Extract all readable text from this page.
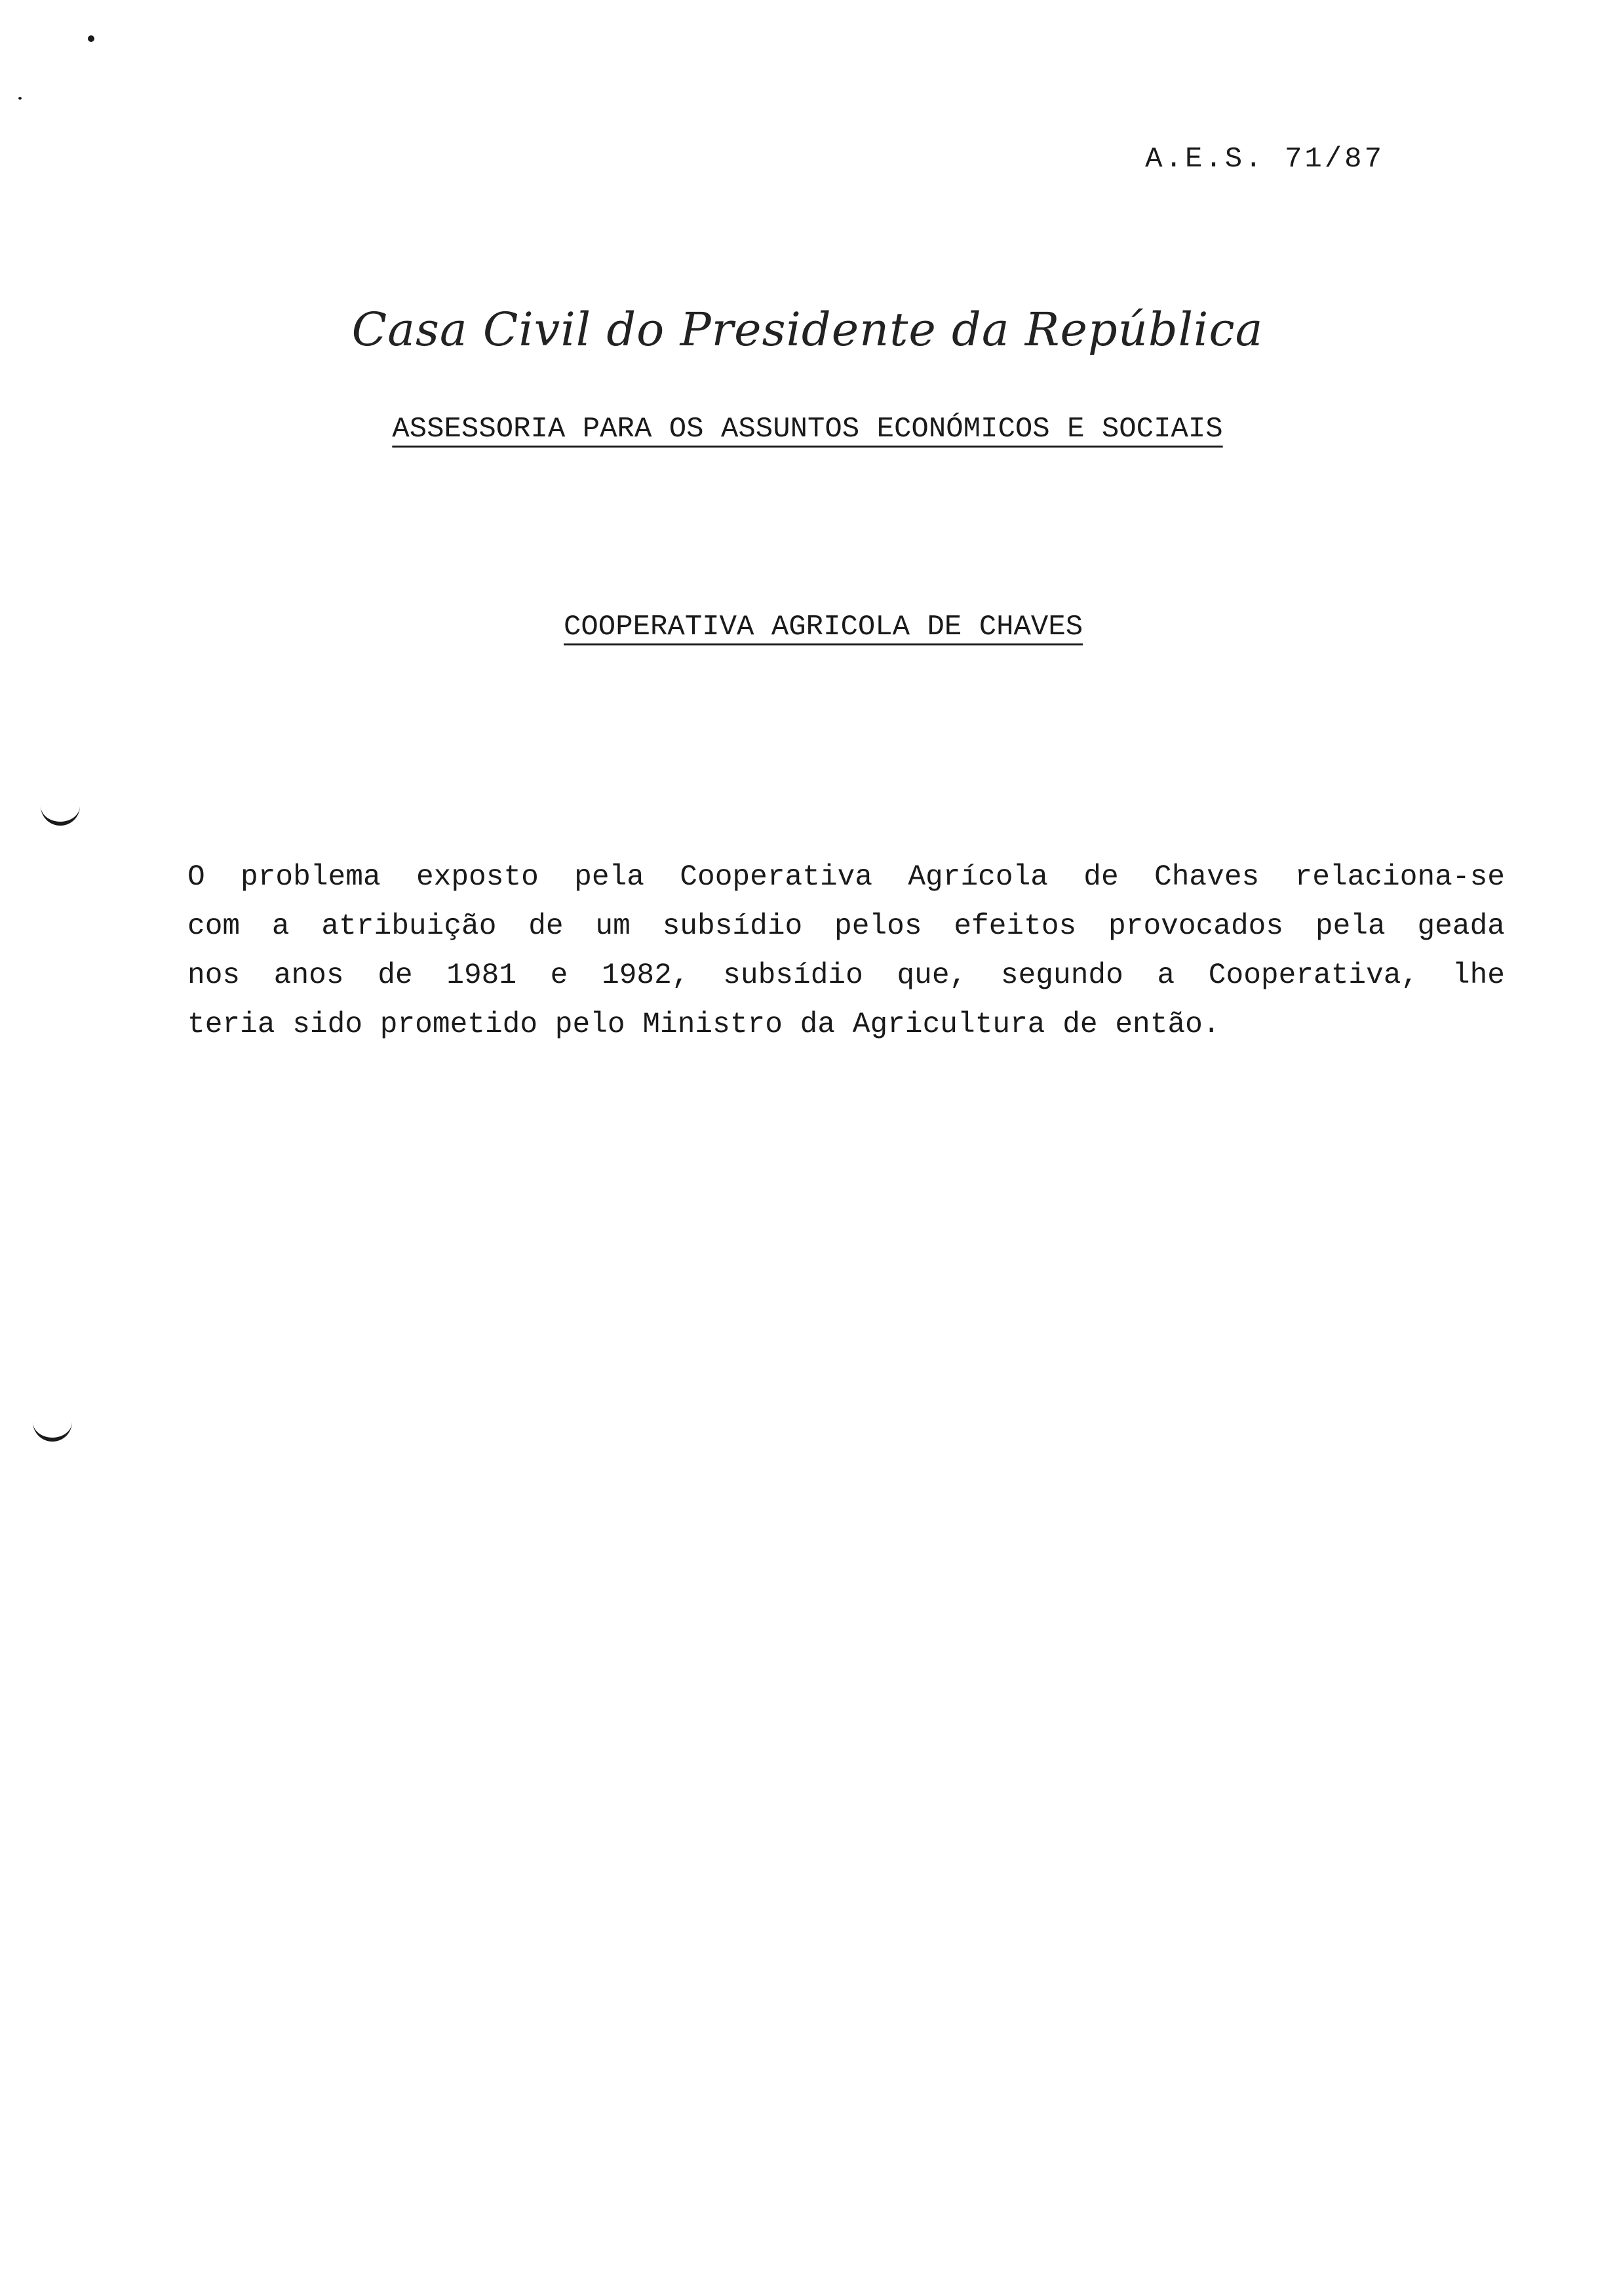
A.E.S. 71/87
Casa Civil do Presidente da República
ASSESSORIA PARA OS ASSUNTOS ECONÓMICOS E SOCIAIS
COOPERATIVA AGRICOLA DE CHAVES
O problema exposto pela Cooperativa Agrícola de Chaves relaciona-se
com a atribuição de um subsídio pelos efeitos provocados pela geada
nos anos de 1981 e 1982, subsídio que, segundo a Cooperativa, lhe
teria sido prometido pelo Ministro da Agricultura de então.
